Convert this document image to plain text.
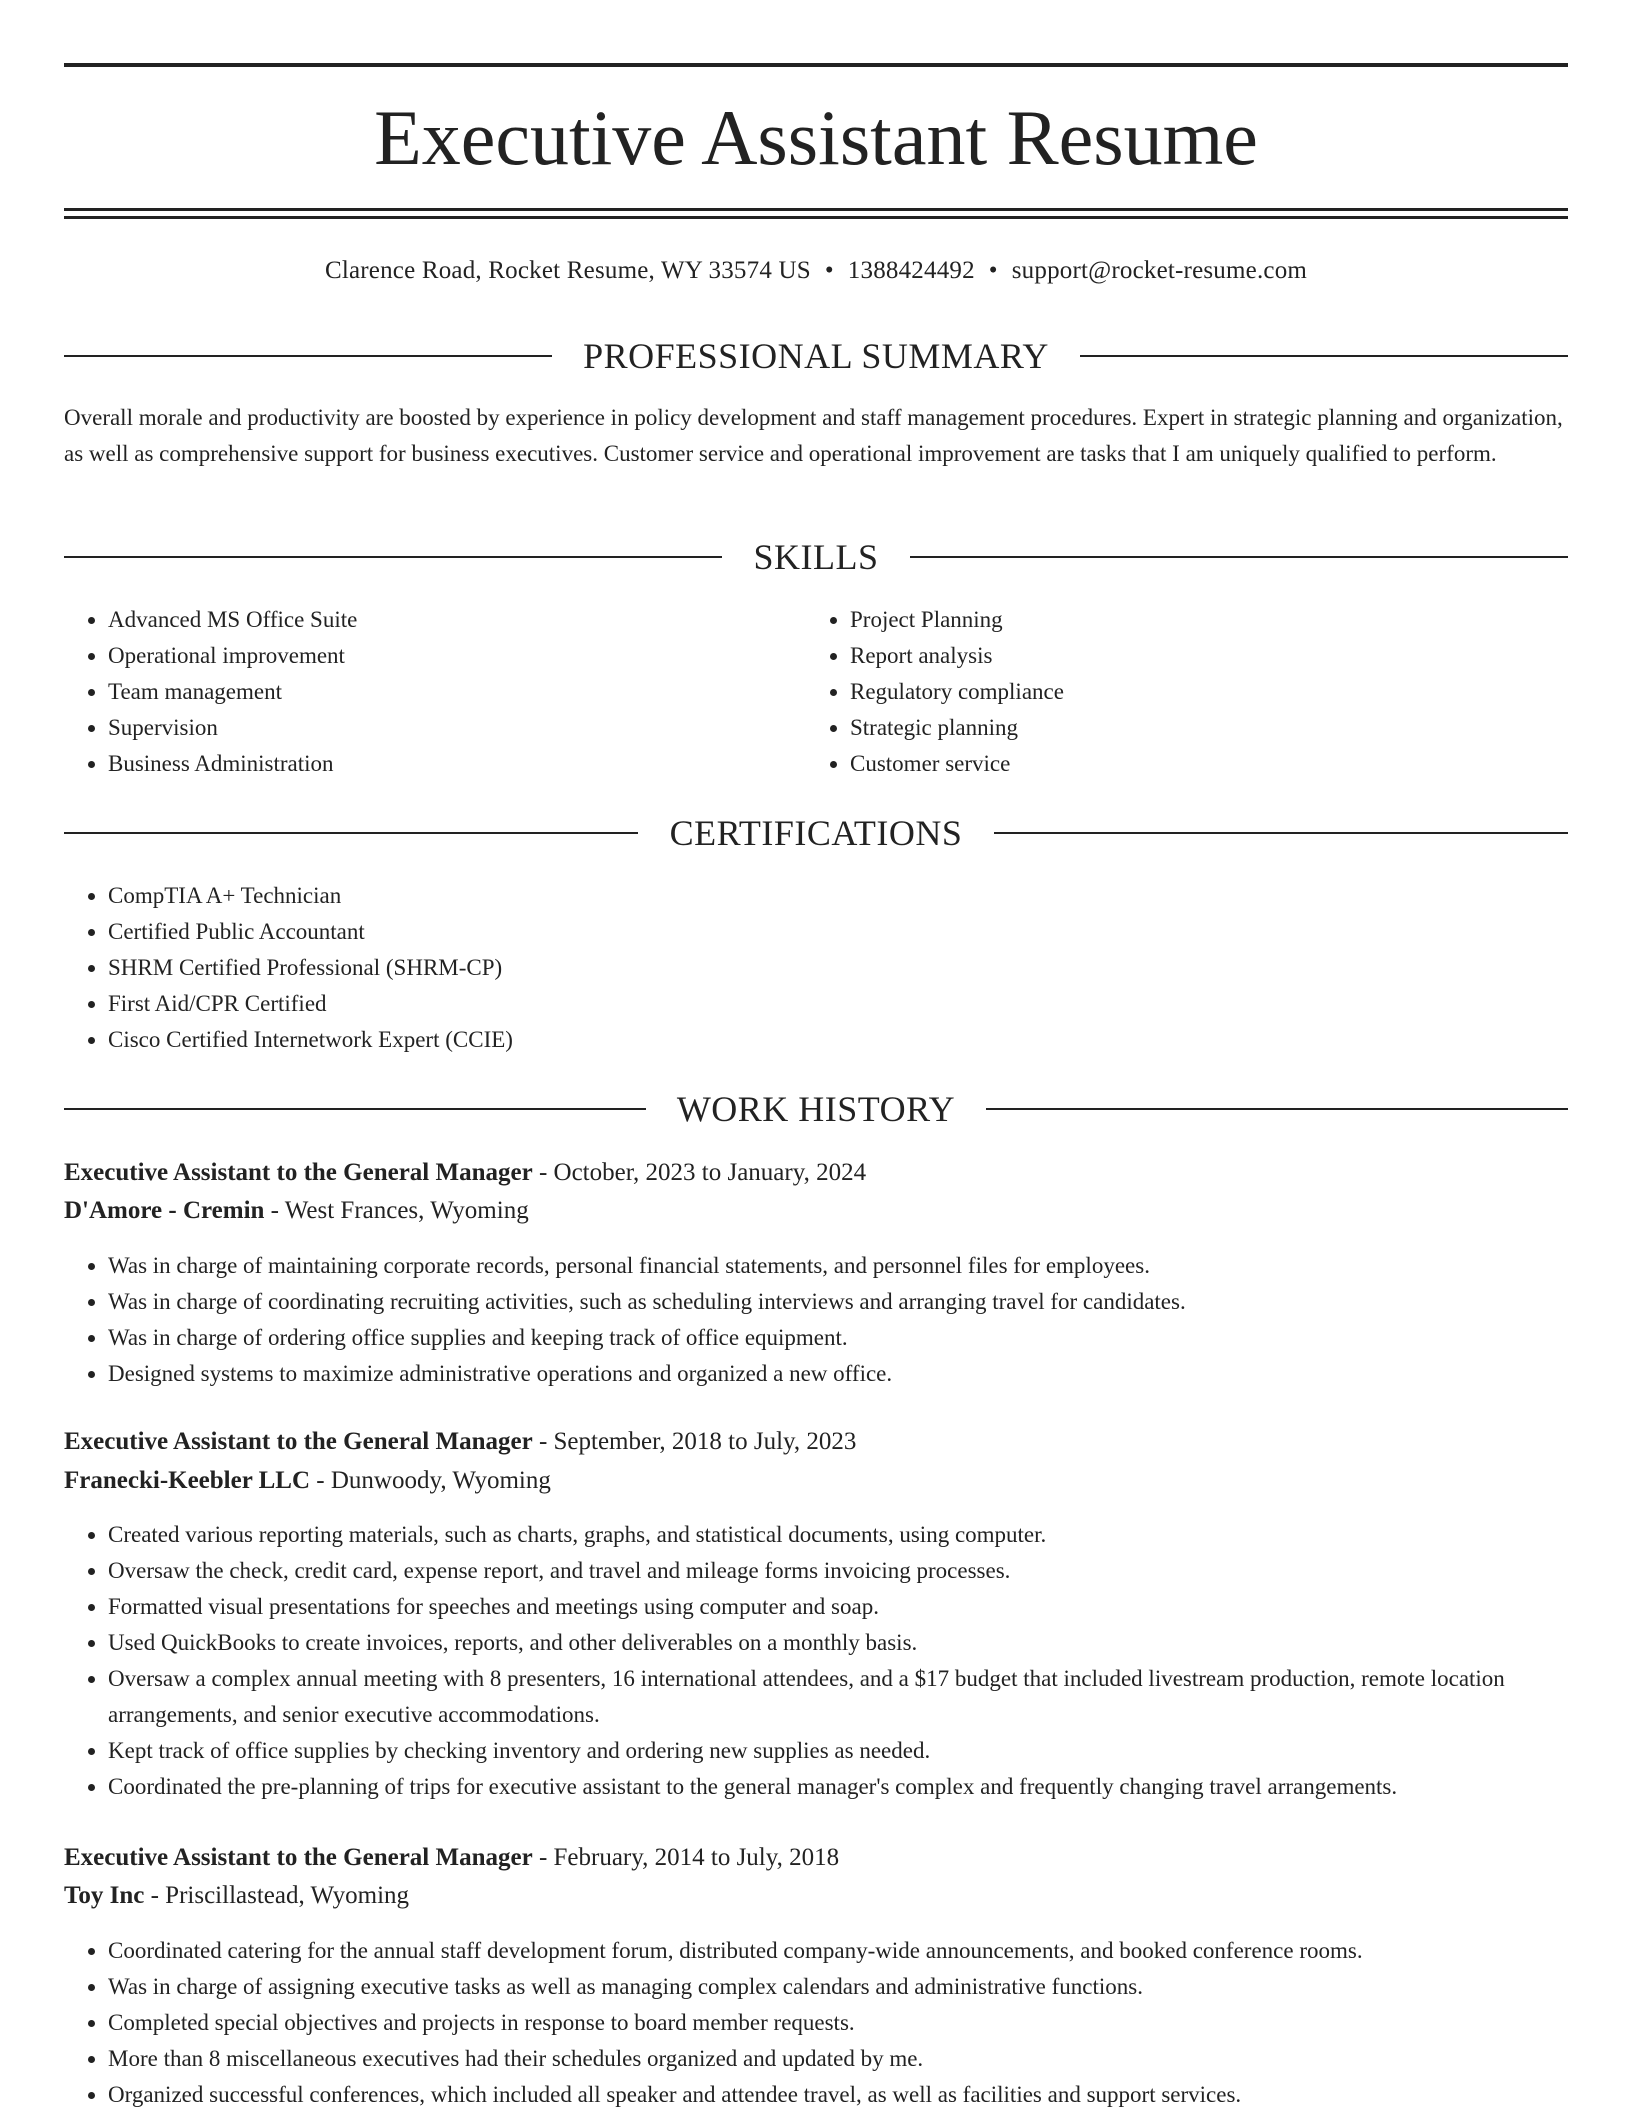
Executive Assistant Resume
Clarence Road, Rocket Resume, WY 33574 US • 1388424492 • support@rocket-resume.com
PROFESSIONAL SUMMARY

Overall morale and productivity are boosted by experience in policy development and staff management procedures. Expert in strategic planning and organization, as well as comprehensive support for business executives. Customer service and operational improvement are tasks that I am uniquely qualified to perform.

SKILLS
• Advanced MS Office Suite
• Operational improvement
• Team management
• Supervision
• Business Administration
• Project Planning
• Report analysis
• Regulatory compliance
• Strategic planning
• Customer service
CERTIFICATIONS
• CompTIA A+ Technician
• Certified Public Accountant
• SHRM Certified Professional (SHRM-CP)
• First Aid/CPR Certified
• Cisco Certified Internetwork Expert (CCIE)
WORK HISTORY
Executive Assistant to the General Manager - October, 2023 to January, 2024
D'Amore - Cremin - West Frances, Wyoming
• Was in charge of maintaining corporate records, personal financial statements, and personnel files for employees.
• Was in charge of coordinating recruiting activities, such as scheduling interviews and arranging travel for candidates.
• Was in charge of ordering office supplies and keeping track of office equipment.
• Designed systems to maximize administrative operations and organized a new office.
Executive Assistant to the General Manager - September, 2018 to July, 2023
Franecki-Keebler LLC - Dunwoody, Wyoming
• Created various reporting materials, such as charts, graphs, and statistical documents, using computer.
• Oversaw the check, credit card, expense report, and travel and mileage forms invoicing processes.
• Formatted visual presentations for speeches and meetings using computer and soap.
• Used QuickBooks to create invoices, reports, and other deliverables on a monthly basis.
• Oversaw a complex annual meeting with 8 presenters, 16 international attendees, and a $17 budget that included livestream production, remote location arrangements, and senior executive accommodations.
• Kept track of office supplies by checking inventory and ordering new supplies as needed.
• Coordinated the pre-planning of trips for executive assistant to the general manager's complex and frequently changing travel arrangements.
Executive Assistant to the General Manager - February, 2014 to July, 2018
Toy Inc - Priscillastead, Wyoming
• Coordinated catering for the annual staff development forum, distributed company-wide announcements, and booked conference rooms.
• Was in charge of assigning executive tasks as well as managing complex calendars and administrative functions.
• Completed special objectives and projects in response to board member requests.
• More than 8 miscellaneous executives had their schedules organized and updated by me.
• Organized successful conferences, which included all speaker and attendee travel, as well as facilities and support services.
